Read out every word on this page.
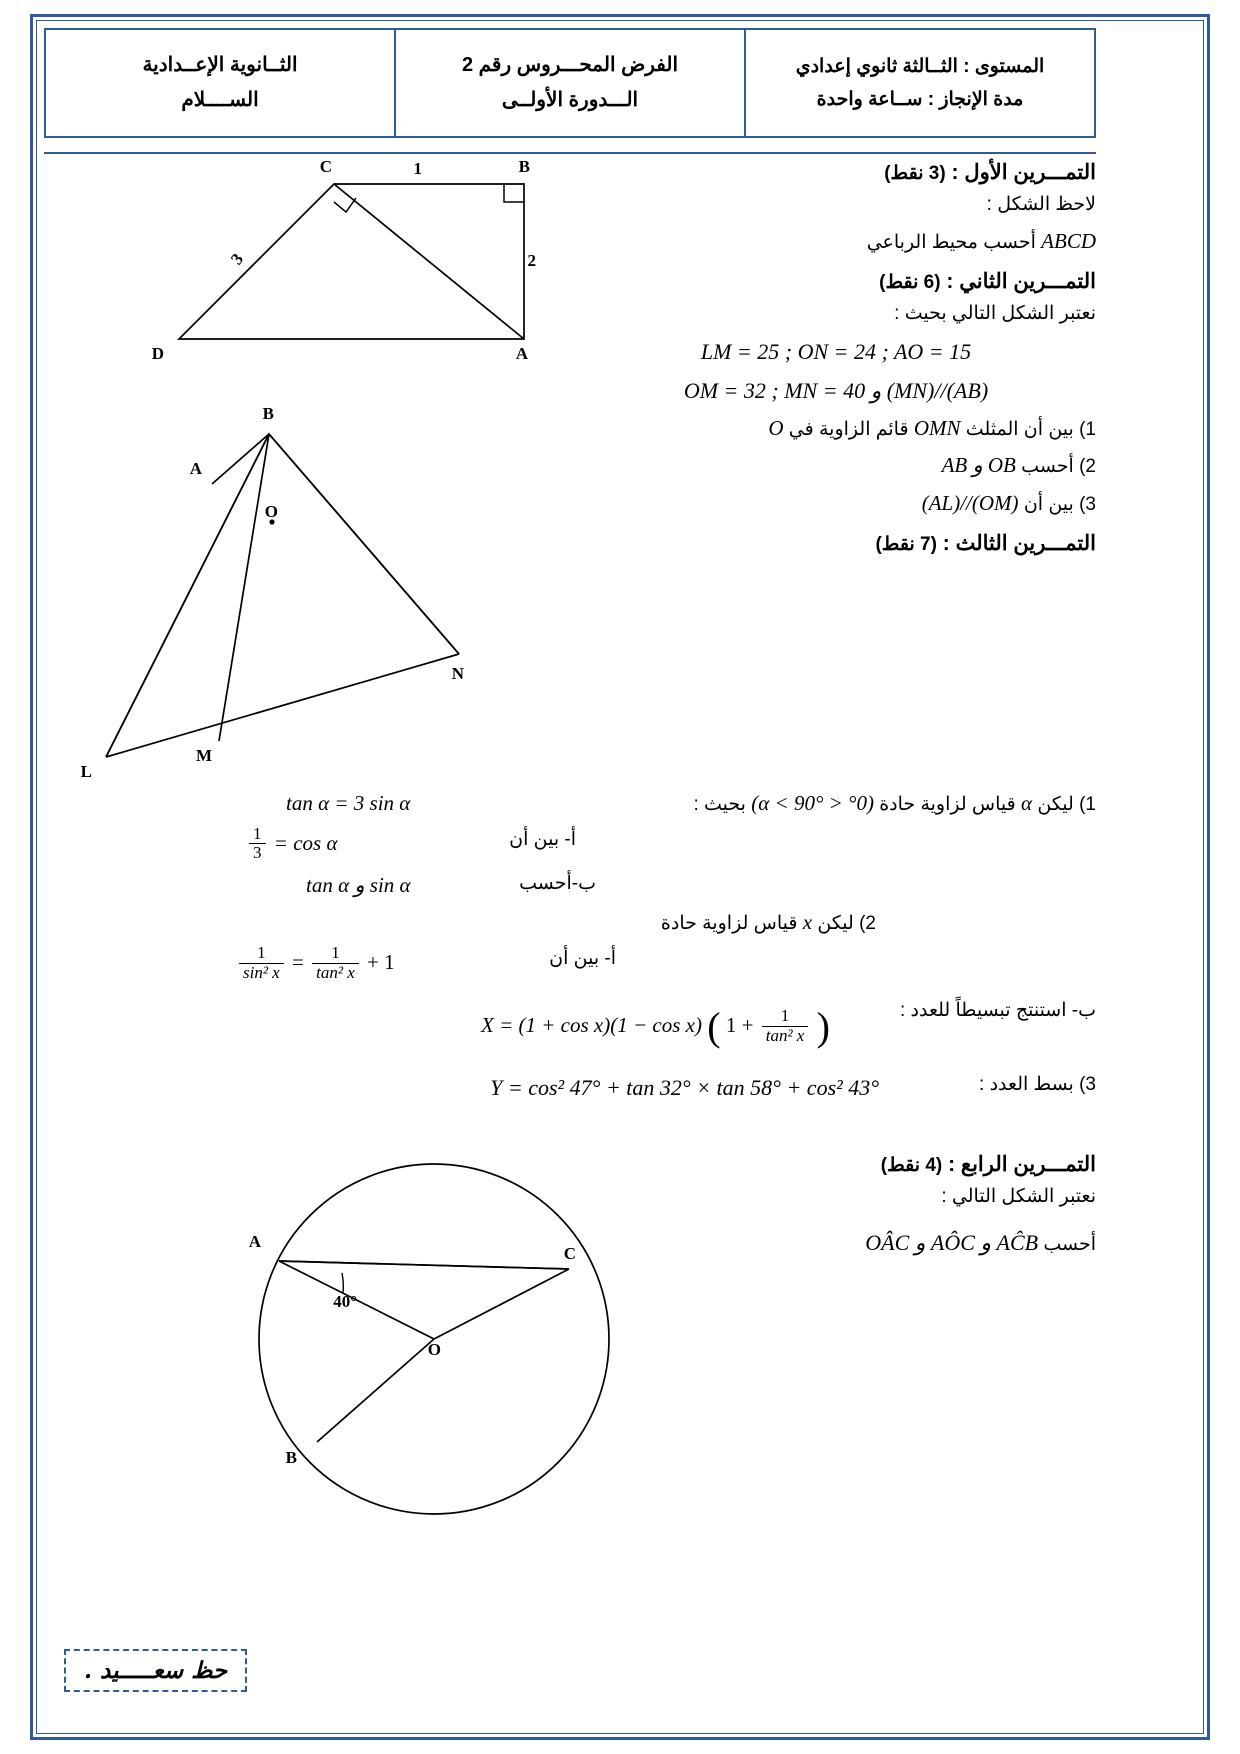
المستوى : الثــالثة ثانوي إعدادي
مدة الإنجاز : ســاعة واحدة
الفرض المحـــروس رقم 2
الـــدورة الأولــى
الثــانوية الإعــدادية
الســــلام
التمـــرين الأول : (3 نقط)
لاحظ الشكل :
ABCD أحسب محيط الرباعي
التمـــرين الثاني : (6 نقط)
نعتبر الشكل التالي بحيث :
LM = 25 ; ON = 24 ; AO = 15
(AB)//(MN) و OM = 32 ; MN = 40
1) بين أن المثلث OMN قائم الزاوية في O
2) أحسب OB و AB
3) بين أن (OM)//(AL)
التمـــرين الثالث : (7 نقط)
tan α = 3 sin α	1) ليكن α قياس لزاوية حادة (0° < α < 90°) بحيث :
أ- بين أن
cos α =
$\frac{1}{3}$
ب-أحسب
sin α و tan α
2) ليكن x قياس لزاوية حادة
أ- بين أن
1 +
$\frac{1}{\text{tan² x}}$
=
$\frac{1}{\text{sin² x}}$
ب- استنتج تبسيطاً للعدد :
X = (1 + cos x)(1 − cos x) ( $1 + \frac{1}{\text{tan² x}}$ )
3) بسط العدد :
Y = cos² 47° + tan 32° × tan 58° + cos² 43°
التمـــرين الرابع : (4 نقط)
نعتبر الشكل التالي :
أحسب AĈB و AÔC و OÂC
C	B
A
D
1
2
3
A
B
O
N
M
L
A
C
B
O
40°
حظ سعـــــيد .
